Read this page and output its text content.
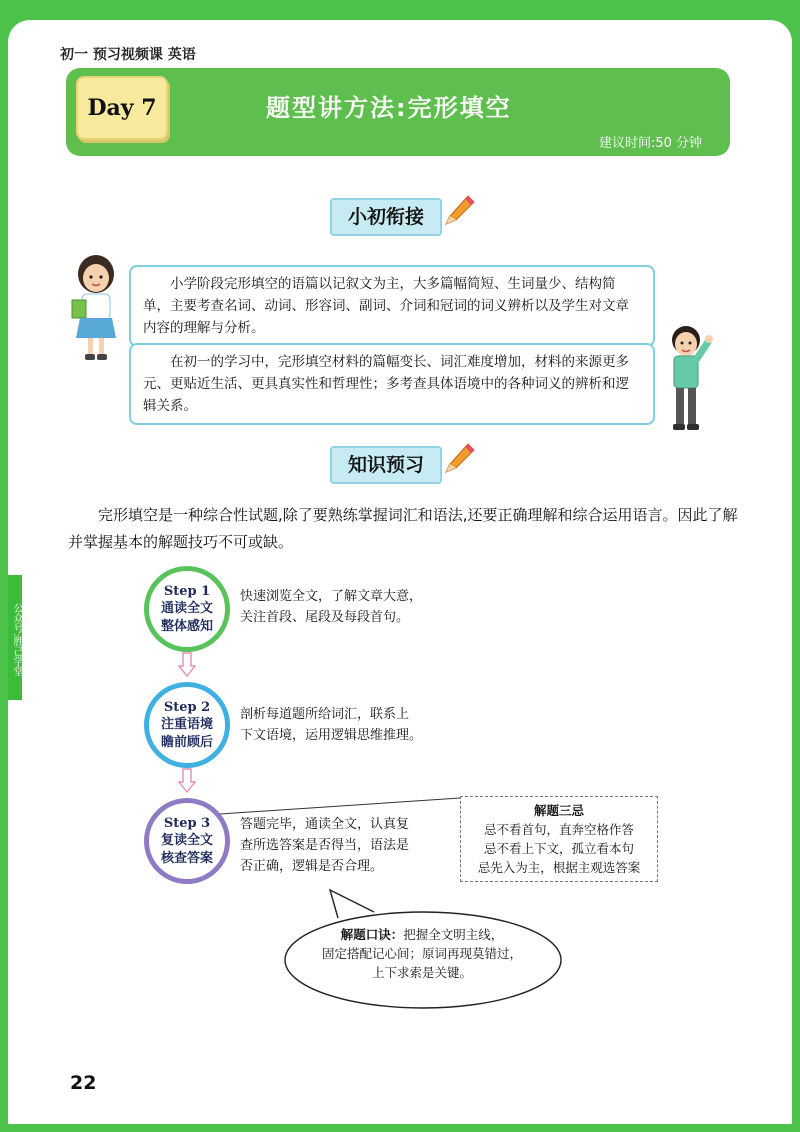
公众号:胜己学堂
初一 预习视频课 英语
Day 7	题型讲方法:完形填空
建议时间:50 分钟
小初衔接
小学阶段完形填空的语篇以记叙文为主，大多篇幅简短、生词量少、结构简单，主要考查名词、动词、形容词、副词、介词和冠词的词义辨析以及学生对文章内容的理解与分析。
在初一的学习中，完形填空材料的篇幅变长、词汇难度增加，材料的来源更多元、更贴近生活、更具真实性和哲理性；多考查具体语境中的各种词义的辨析和逻辑关系。
知识预习
完形填空是一种综合性试题,除了要熟练掌握词汇和语法,还要正确理解和综合运用语言。因此了解并掌握基本的解题技巧不可或缺。
Step 1
通读全文
整体感知
快速浏览全文，了解文章大意，
关注首段、尾段及每段首句。
Step 2
注重语境
瞻前顾后
剖析每道题所给词汇，联系上
下文语境，运用逻辑思维推理。
Step 3
复读全文
核查答案
答题完毕，通读全文，认真复
查所选答案是否得当，语法是
否正确，逻辑是否合理。
解题三忌
忌不看首句，直奔空格作答
忌不看上下文，孤立看本句
忌先入为主，根据主观选答案
解题口诀：把握全文明主线，
固定搭配记心间；原词再现莫错过，
上下求索是关键。
22
